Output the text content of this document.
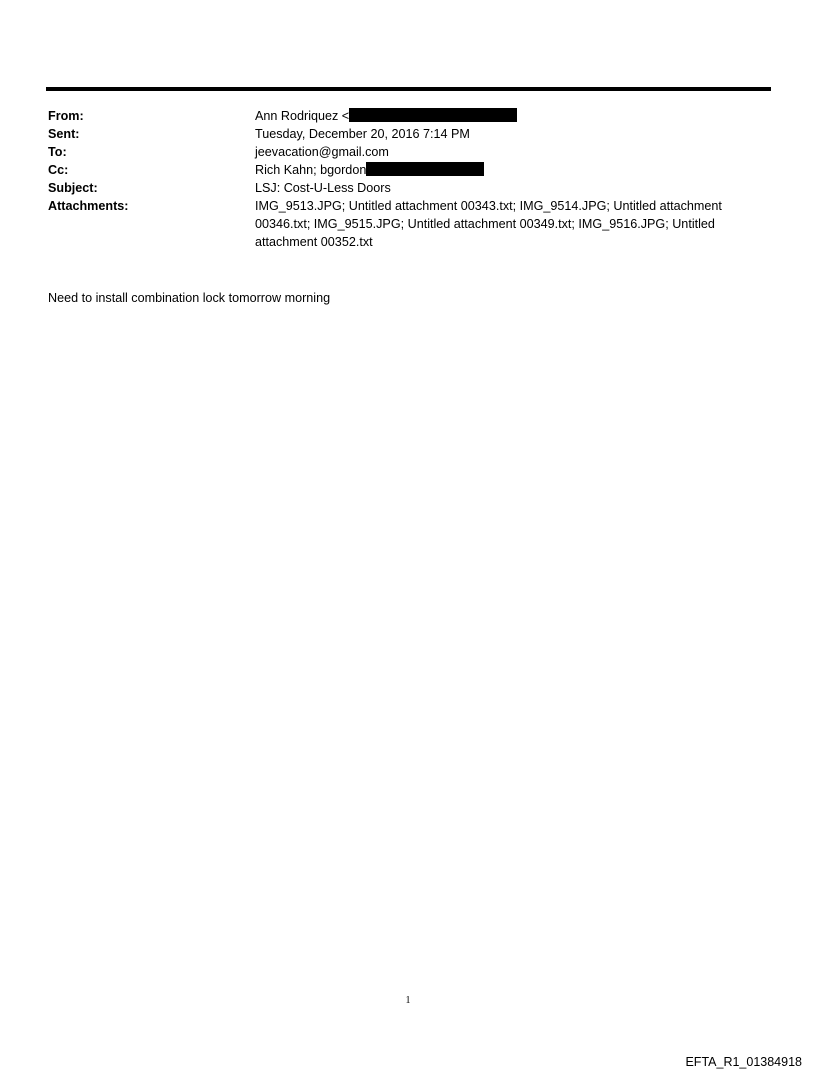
From:	Ann Rodriquez <
Sent:	Tuesday, December 20, 2016 7:14 PM
To:	jeevacation@gmail.com
Cc:	Rich Kahn; bgordon
Subject:	LSJ: Cost-U-Less Doors
Attachments:	IMG_9513.JPG; Untitled attachment 00343.txt; IMG_9514.JPG; Untitled attachment 00346.txt; IMG_9515.JPG; Untitled attachment 00349.txt; IMG_9516.JPG; Untitled attachment 00352.txt
Need to install combination lock tomorrow morning
1
EFTA_R1_01384918
